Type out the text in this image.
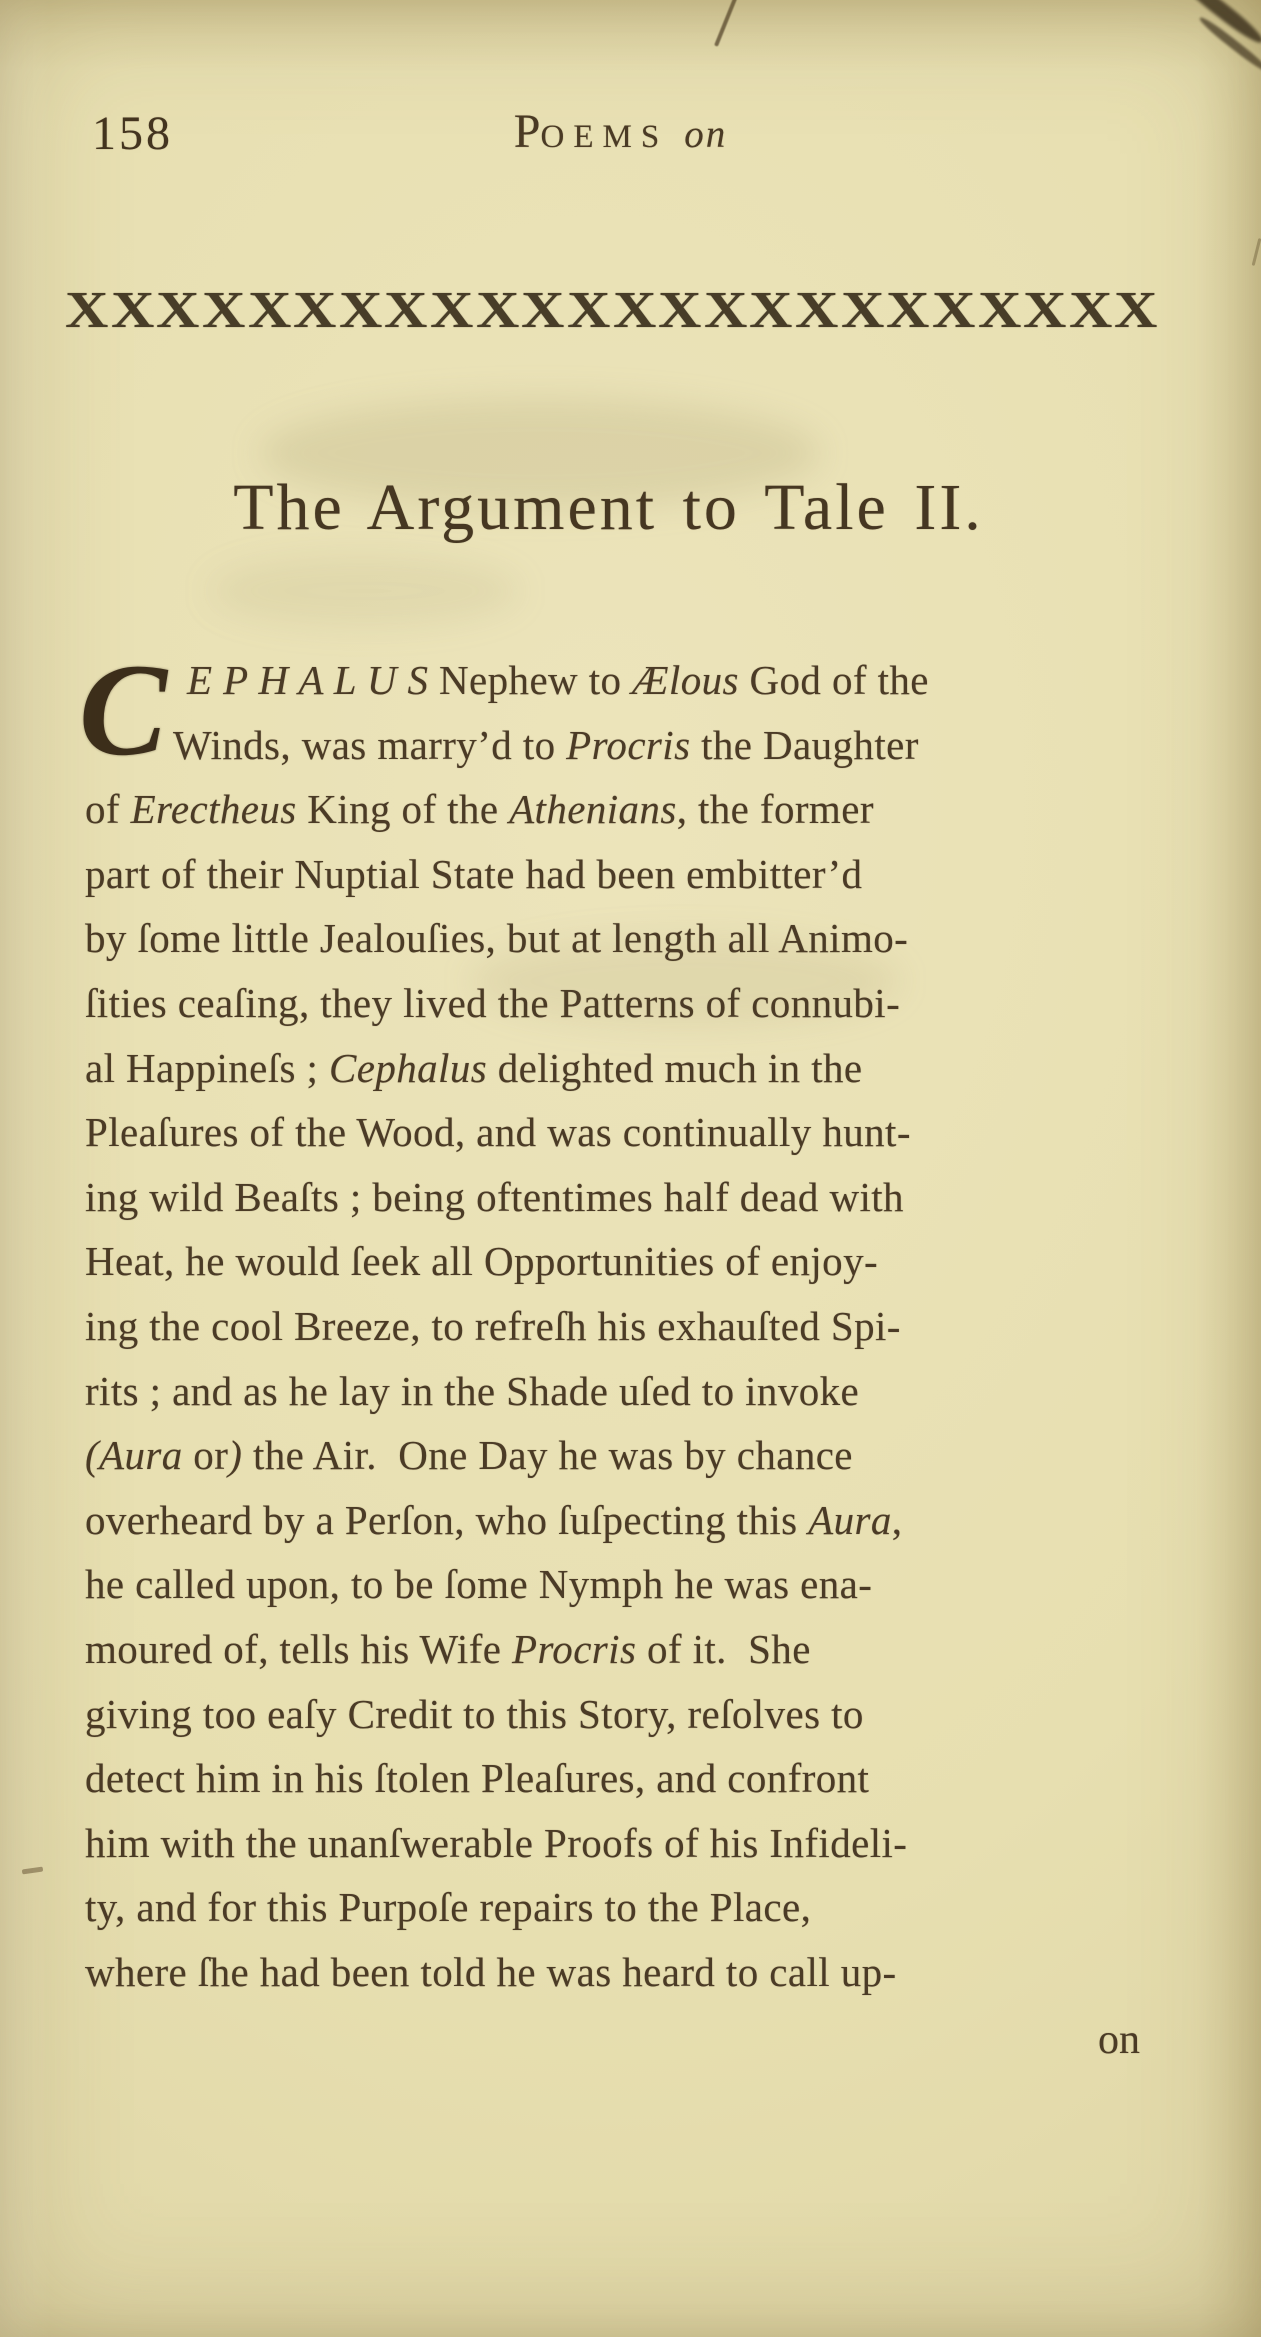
158	POEMS on
X X X X X X X X X X X X X X X X X X X X X X X X
The Argument to Tale II.
C E P H A L U S Nephew to Ælous God of the
Winds, was marry’d to Procris the Daughter
of Erectheus King of the Athenians, the former
part of their Nuptial State had been embitter’d
by ſome little Jealouſies, but at length all Animo-
ſities ceaſing, they lived the Patterns of connubi-
al Happineſs ; Cephalus delighted much in the
Pleaſures of the Wood, and was continually hunt-
ing wild Beaſts ; being oftentimes half dead with
Heat, he would ſeek all Opportunities of enjoy-
ing the cool Breeze, to refreſh his exhauſted Spi-
rits ; and as he lay in the Shade uſed to invoke
(Aura or) the Air.  One Day he was by chance
overheard by a Perſon, who ſuſpecting this Aura,
he called upon, to be ſome Nymph he was ena-
moured of, tells his Wife Procris of it.  She
giving too eaſy Credit to this Story, reſolves to
detect him in his ſtolen Pleaſures, and confront
him with the unanſwerable Proofs of his Infideli-
ty, and for this Purpoſe repairs to the Place,
where ſhe had been told he was heard to call up-
on
